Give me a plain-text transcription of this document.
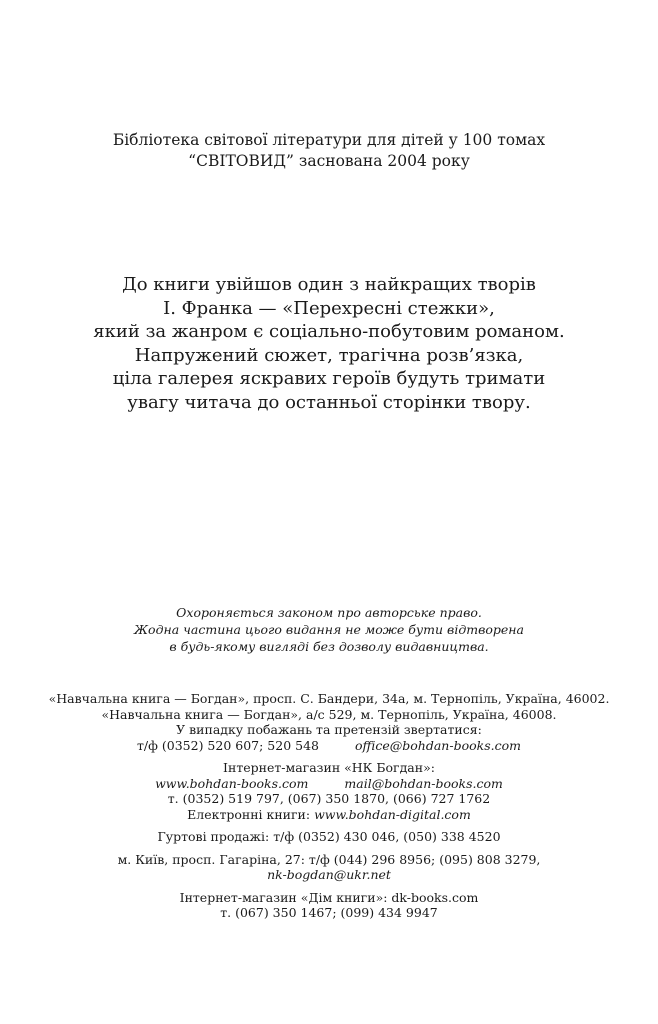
Бібліотека світової літератури для дітей у 100 томах
“СВІТОВИД” заснована 2004 року
До книги увійшов один з найкращих творів
І. Франка — «Перехресні стежки»,
який за жанром є соціально-побутовим романом.
Напружений сюжет, трагічна розв’язка,
ціла галерея яскравих героїв будуть тримати
увагу читача до останньої сторінки твору.
Охороняється законом про авторське право.
Жодна частина цього видання не може бути відтворена
в будь-якому вигляді без дозволу видавництва.
«Навчальна книга — Богдан», просп. С. Бандери, 34а, м. Тернопіль, Україна, 46002.
«Навчальна книга — Богдан», а/с 529, м. Тернопіль, Україна, 46008.
У випадку побажань та претензій звертатися:
т/ф (0352) 520 607; 520 548	office@bohdan-books.com
Інтернет-магазин «НК Богдан»:
www.bohdan-books.com	mail@bohdan-books.com
т. (0352) 519 797, (067) 350 1870, (066) 727 1762
Електронні книги: www.bohdan-digital.com
Гуртові продажі: т/ф (0352) 430 046, (050) 338 4520
м. Київ, просп. Гагаріна, 27: т/ф (044) 296 8956; (095) 808 3279,
nk-bogdan@ukr.net
Інтернет-магазин «Дім книги»: dk-books.com
т. (067) 350 1467; (099) 434 9947
